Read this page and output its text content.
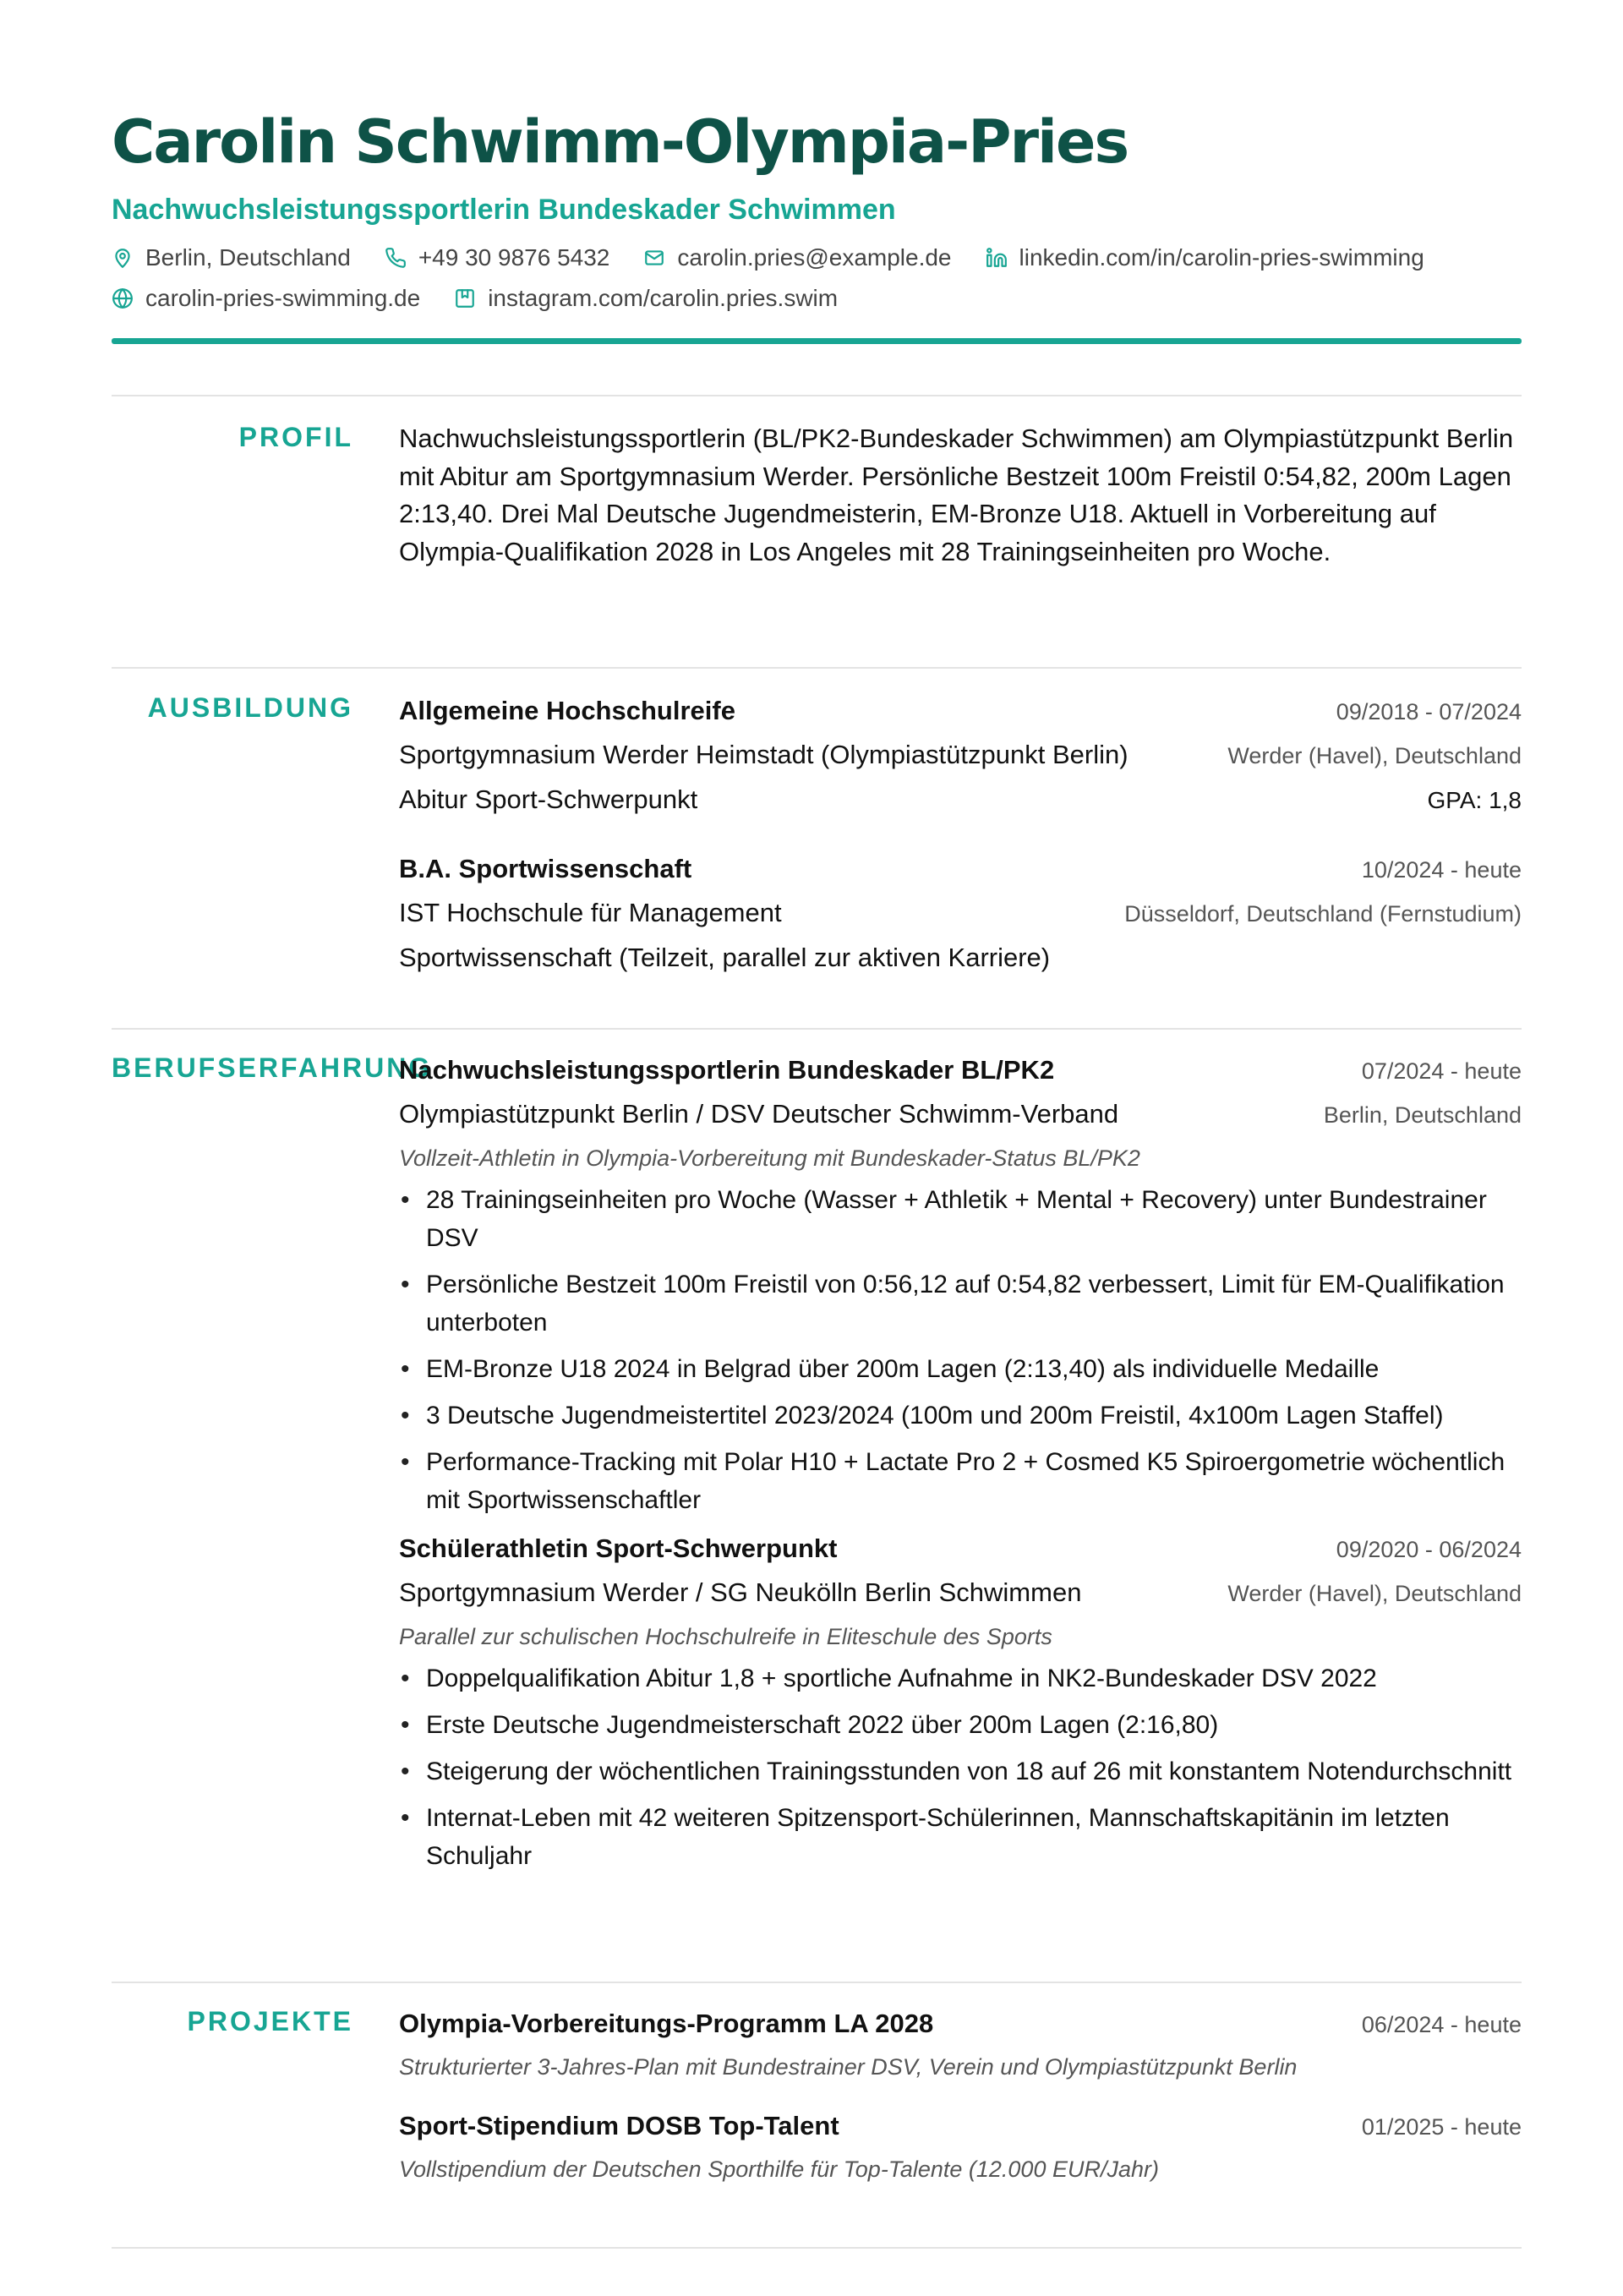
Carolin Schwimm-Olympia-Pries
Nachwuchsleistungssportlerin Bundeskader Schwimmen
Berlin, Deutschland	+49 30 9876 5432	carolin.pries@example.de	linkedin.com/in/carolin-pries-swimming
carolin-pries-swimming.de	instagram.com/carolin.pries.swim
PROFIL Nachwuchsleistungssportlerin (BL/PK2-Bundeskader Schwimmen) am Olympiastützpunkt Berlin mit Abitur am Sportgymnasium Werder. Persönliche Bestzeit 100m Freistil 0:54,82, 200m Lagen 2:13,40. Drei Mal Deutsche Jugendmeisterin, EM-Bronze U18. Aktuell in Vorbereitung auf Olympia-Qualifikation 2028 in Los Angeles mit 28 Trainingseinheiten pro Woche.

AUSBILDUNG Allgemeine Hochschulreife	09/2018 - 07/2024
Sportgymnasium Werder Heimstadt (Olympiastützpunkt Berlin)	Werder (Havel), Deutschland
Abitur Sport-Schwerpunkt	GPA: 1,8
B.A. Sportwissenschaft	10/2024 - heute
IST Hochschule für Management	Düsseldorf, Deutschland (Fernstudium)
Sportwissenschaft (Teilzeit, parallel zur aktiven Karriere)
BERUFSERFAHRUNG
Nachwuchsleistungssportlerin Bundeskader BL/PK2	07/2024 - heute
Olympiastützpunkt Berlin / DSV Deutscher Schwimm-Verband	Berlin, Deutschland
Vollzeit-Athletin in Olympia-Vorbereitung mit Bundeskader-Status BL/PK2
• 28 Trainingseinheiten pro Woche (Wasser + Athletik + Mental + Recovery) unter Bundestrainer DSV
• Persönliche Bestzeit 100m Freistil von 0:56,12 auf 0:54,82 verbessert, Limit für EM-Qualifikation unterboten
• EM-Bronze U18 2024 in Belgrad über 200m Lagen (2:13,40) als individuelle Medaille
• 3 Deutsche Jugendmeistertitel 2023/2024 (100m und 200m Freistil, 4x100m Lagen Staffel)
• Performance-Tracking mit Polar H10 + Lactate Pro 2 + Cosmed K5 Spiroergometrie wöchentlich mit Sportwissenschaftler
Schülerathletin Sport-Schwerpunkt	09/2020 - 06/2024
Sportgymnasium Werder / SG Neukölln Berlin Schwimmen	Werder (Havel), Deutschland
Parallel zur schulischen Hochschulreife in Eliteschule des Sports
• Doppelqualifikation Abitur 1,8 + sportliche Aufnahme in NK2-Bundeskader DSV 2022
• Erste Deutsche Jugendmeisterschaft 2022 über 200m Lagen (2:16,80)
• Steigerung der wöchentlichen Trainingsstunden von 18 auf 26 mit konstantem Notendurchschnitt
• Internat-Leben mit 42 weiteren Spitzensport-Schülerinnen, Mannschaftskapitänin im letzten Schuljahr
PROJEKTE Olympia-Vorbereitungs-Programm LA 2028	06/2024 - heute
Strukturierter 3-Jahres-Plan mit Bundestrainer DSV, Verein und Olympiastützpunkt Berlin
Sport-Stipendium DOSB Top-Talent	01/2025 - heute
Vollstipendium der Deutschen Sporthilfe für Top-Talente (12.000 EUR/Jahr)
